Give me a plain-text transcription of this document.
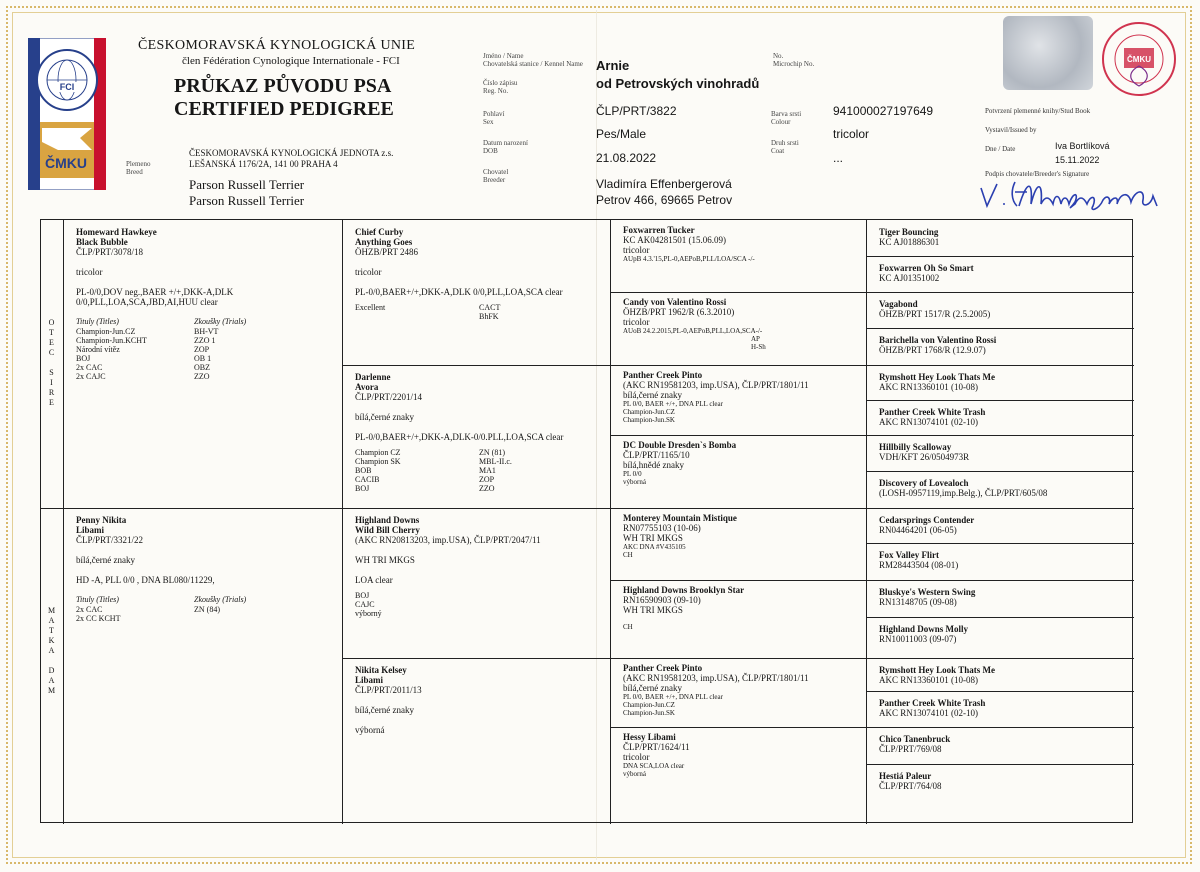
FCI
ČMKU
ČESKOMORAVSKÁ KYNOLOGICKÁ UNIE
člen Fédération Cynologique Internationale - FCI
PRŮKAZ PŮVODU PSA
CERTIFIED PEDIGREE
Plemeno
Breed
ČESKOMORAVSKÁ KYNOLOGICKÁ JEDNOTA z.s.
LEŠANSKÁ 1176/2A, 141 00 PRAHA 4
Parson Russell Terrier
Parson Russell Terrier
Jméno / Name
Chovatelská stanice / Kennel Name
Číslo zápisu
Reg. No.
Pohlaví
Sex
Datum narození
DOB
Chovatel
Breeder
Arnie
od Petrovských vinohradů
ČLP/PRT/3822
Pes/Male
21.08.2022
Vladimíra Effenbergerová
Petrov 466, 69665 Petrov
No.
Microchip No.
Barva srsti
Colour
Druh srsti
Coat
941000027197649
tricolor
...
ČMKU
Potvrzení plemenné knihy/Stud Book
Vystavil/Issued by
Dne / Date	Iva Bortlíková
15.11.2022
Podpis chovatele/Breeder's Signature
O
T
E
C

S
I
R
E
M
A
T
K
A

D
A
M
Homeward Hawkeye
Black Bubble
ČLP/PRT/3078/18

tricolor

PL-0/0,DOV neg.,BAER +/+,DKK-A,DLK
0/0,PLL,LOA,SCA,JBD,AI,HUU clear
Tituly (Titles)
Champion-Jun.CZ
Champion-Jun.KCHT
Národní vítěz
BOJ
2x CAC
2x CAJC
Zkoušky (Trials)
BH-VT
ZZO 1
ZOP
OB 1
OBZ
ZZO
Penny Nikita
Libami
ČLP/PRT/3321/22

bílá,černé znaky

HD -A, PLL 0/0 , DNA BL080/11229,
Tituly (Titles)
2x CAC
2x CC KCHT
Zkoušky (Trials)
ZN (84)
Chief Curby
Anything Goes
ÖHZB/PRT 2486

tricolor

PL-0/0,BAER+/+,DKK-A,DLK 0/0,PLL,LOA,SCA clear
Excellent	CACT
BhFK
Darlenne
Avora
ČLP/PRT/2201/14

bílá,černé znaky

PL-0/0,BAER+/+,DKK-A,DLK-0/0.PLL,LOA,SCA clear
Champion CZ
Champion SK
BOB
CACIB
BOJ
ZN (81)
MBL-II.c.
MA1
ZOP
ZZO
Highland Downs
Wild Bill Cherry
(AKC RN20813203, imp.USA), ČLP/PRT/2047/11

WH TRI MKGS

LOA clear
BOJ
CAJC
výborný
Nikita Kelsey
Libami
ČLP/PRT/2011/13

bílá,černé znaky

výborná
Foxwarren Tucker
KC AK04281501 (15.06.09)
tricolor
AUpB 4.3.'15,PL-0,AEPoB,PLL/LOA/SCA -/-
Candy von Valentino Rossi
ÖHZB/PRT 1962/R (6.3.2010)
tricolor
AUoB 24.2.2015,PL-0,AEPoB,PLL,LOA,SCA-/-
AP
H-Sh
Panther Creek Pinto
(AKC RN19581203, imp.USA), ČLP/PRT/1801/11
bílá,černé znaky
PL 0/0, BAER +/+, DNA PLL clear
Champion-Jun.CZ
Champion-Jun.SK
DC Double Dresden`s Bomba
ČLP/PRT/1165/10
bílá,hnědé znaky
PL 0/0
výborná
Monterey Mountain Mistique
RN07755103 (10-06)
WH TRI MKGS
AKC DNA #V435105
CH
Highland Downs Brooklyn Star
RN16590903 (09-10)
WH TRI MKGS

CH
Panther Creek Pinto
(AKC RN19581203, imp.USA), ČLP/PRT/1801/11
bílá,černé znaky
PL 0/0, BAER +/+, DNA PLL clear
Champion-Jun.CZ
Champion-Jun.SK
Hessy Libami
ČLP/PRT/1624/11
tricolor
DNA SCA,LOA clear
výborná
Tiger Bouncing
KC AJ01886301
Foxwarren Oh So Smart
KC AJ01351002
Vagabond
ÖHZB/PRT 1517/R (2.5.2005)
Barichella von Valentino Rossi
ÖHZB/PRT 1768/R (12.9.07)
Rymshott Hey Look Thats Me
AKC RN13360101 (10-08)
Panther Creek White Trash
AKC RN13074101 (02-10)
Hillbilly Scalloway
VDH/KFT 26/0504973R
Discovery of Lovealoch
(LOSH-0957119,imp.Belg.), ČLP/PRT/605/08
Cedarsprings Contender
RN04464201 (06-05)
Fox Valley Flirt
RM28443504 (08-01)
Bluskye's Western Swing
RN13148705 (09-08)
Highland Downs Molly
RN10011003 (09-07)
Rymshott Hey Look Thats Me
AKC RN13360101 (10-08)
Panther Creek White Trash
AKC RN13074101 (02-10)
Chico Tanenbruck
ČLP/PRT/769/08
Hestiá Paleur
ČLP/PRT/764/08
